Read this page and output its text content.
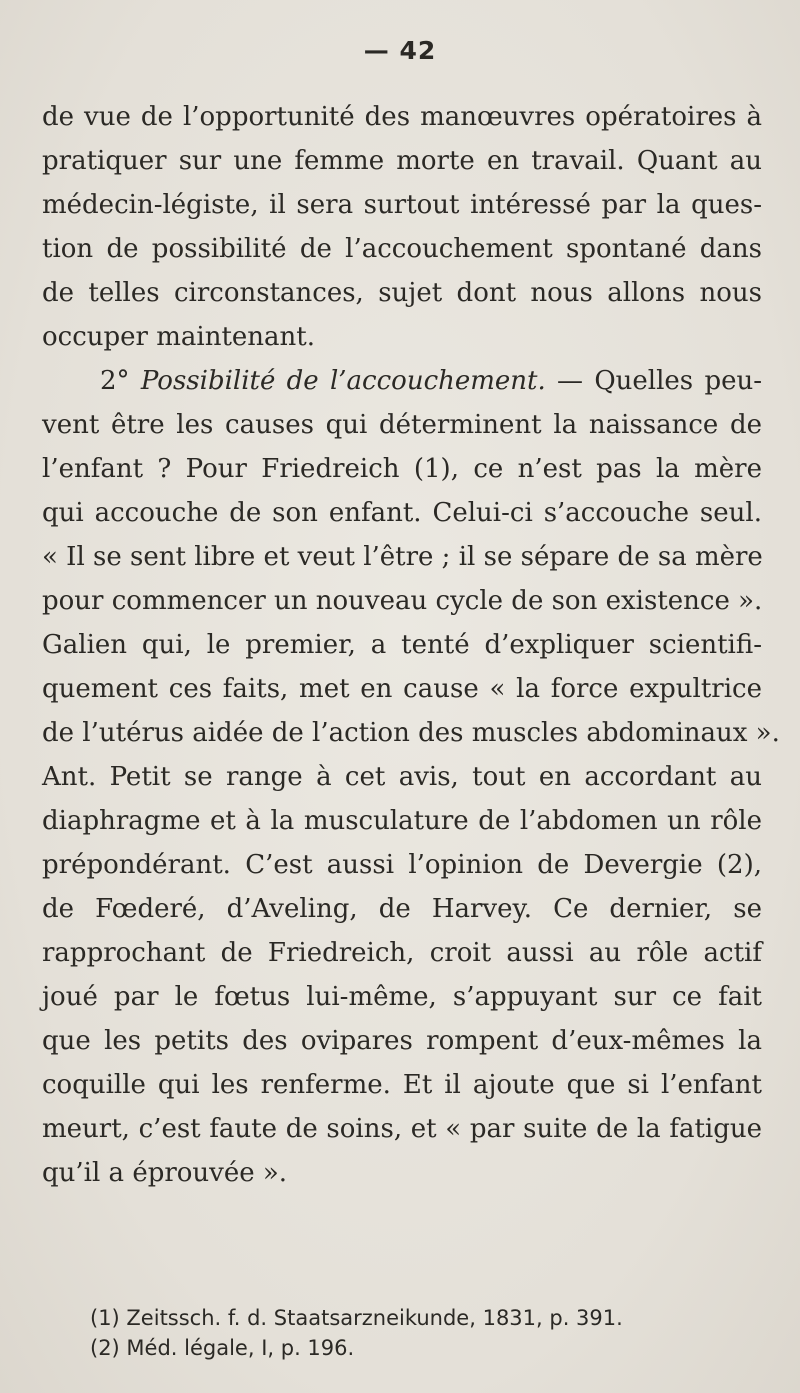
— 42
de vue de l’opportunité des manœuvres opératoires à
pratiquer sur une femme morte en travail. Quant au
médecin-légiste, il sera surtout intéressé par la ques-
tion de possibilité de l’accouchement spontané dans
de telles circonstances, sujet dont nous allons nous
occuper maintenant.
2° Possibilité de l’accouchement. — Quelles peu-
vent être les causes qui déterminent la naissance de
l’enfant ? Pour Friedreich (1), ce n’est pas la mère
qui accouche de son enfant. Celui-ci s’accouche seul.
« Il se sent libre et veut l’être ; il se sépare de sa mère
pour commencer un nouveau cycle de son existence ».
Galien qui, le premier, a tenté d’expliquer scientifi-
quement ces faits, met en cause « la force expultrice
de l’utérus aidée de l’action des muscles abdominaux ».
Ant. Petit se range à cet avis, tout en accordant au
diaphragme et à la musculature de l’abdomen un rôle
prépondérant. C’est aussi l’opinion de Devergie (2),
de Fœderé, d’Aveling, de Harvey. Ce dernier, se
rapprochant de Friedreich, croit aussi au rôle actif
joué par le fœtus lui-même, s’appuyant sur ce fait
que les petits des ovipares rompent d’eux-mêmes la
coquille qui les renferme. Et il ajoute que si l’enfant
meurt, c’est faute de soins, et « par suite de la fatigue
qu’il a éprouvée ».
(1) Zeitssch. f. d. Staatsarzneikunde, 1831, p. 391.
(2) Méd. légale, I, p. 196.
